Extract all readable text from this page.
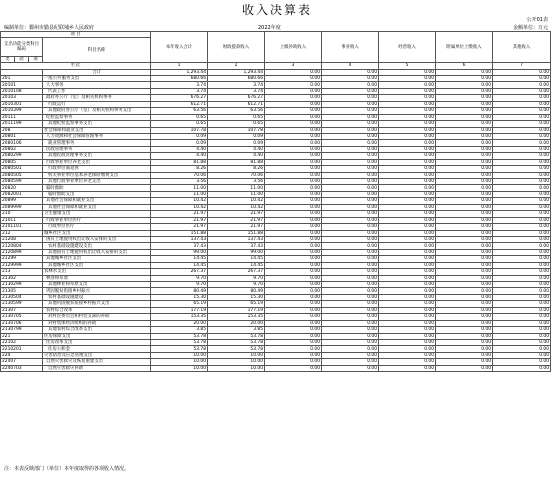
收入决算表
公开01表
编制单位：鄞州市勤县纪联埔乡人民政府	2022年度	金额单位：万元
项 目				本年收入合计	财政拨款收入	上级补助收入	事业收入	经营收入	附属单位上缴收入	其他收入
支出功能分类科目编码			科目名称							
类	款	项								
栏次				1	2	3	4	5	6	7
			合计	1,293.44	1,293.44	0.00	0.00	0.00	0.00	0.00
201			一般公共服务支出	680.66	680.66	0.00	0.00	0.00	0.00	0.00
20101			人大事务	3.74	3.74	0.00	0.00	0.00	0.00	0.00
2010108			代表工作	3.74	3.74	0.00	0.00	0.00	0.00	0.00
20103			政府办公厅（室）及相关机构事务	676.27	676.27	0.00	0.00	0.00	0.00	0.00
2010301			行政运行	612.71	612.71	0.00	0.00	0.00	0.00	0.00
2010399			其他政府办公厅（室）及相关机构事务支出	63.56	63.56	0.00	0.00	0.00	0.00	0.00
20111			纪检监察事务	0.65	0.65	0.00	0.00	0.00	0.00	0.00
2011199			其他纪检监察事务支出	0.65	0.65	0.00	0.00	0.00	0.00	0.00
208			社会保障和就业支出	107.78	107.78	0.00	0.00	0.00	0.00	0.00
20801			人力资源和社会保障管理事务	0.09	0.09	0.00	0.00	0.00	0.00	0.00
2080106			就业管理事务	0.09	0.09	0.00	0.00	0.00	0.00	0.00
20802			民政管理事务	4.40	4.40	0.00	0.00	0.00	0.00	0.00
2080299			其他民政管理事务支出	4.40	4.40	0.00	0.00	0.00	0.00	0.00
20805			行政事业单位养老支出	81.88	81.88	0.00	0.00	0.00	0.00	0.00
2080501			行政单位离退休	8.26	8.26	0.00	0.00	0.00	0.00	0.00
2080505			机关事业单位基本养老保险缴费支出	70.06	70.06	0.00	0.00	0.00	0.00	0.00
2080599			其他行政事业单位养老支出	3.56	3.56	0.00	0.00	0.00	0.00	0.00
20820			临时救助	11.00	11.00	0.00	0.00	0.00	0.00	0.00
2082001			临时救助支出	11.00	11.00	0.00	0.00	0.00	0.00	0.00
20899			其他社会保障和就业支出	10.42	10.42	0.00	0.00	0.00	0.00	0.00
2089999			其他社会保障和就业支出	10.42	10.42	0.00	0.00	0.00	0.00	0.00
210			卫生健康支出	21.97	21.97	0.00	0.00	0.00	0.00	0.00
21011			行政事业单位医疗	21.97	21.97	0.00	0.00	0.00	0.00	0.00
2101101			行政单位医疗	21.97	21.97	0.00	0.00	0.00	0.00	0.00
212			城乡社区支出	151.88	151.88	0.00	0.00	0.00	0.00	0.00
21208			国有土地使用权出让收入安排的支出	137.43	137.43	0.00	0.00	0.00	0.00	0.00
2120804			农村基础设施建设支出	37.43	37.43	0.00	0.00	0.00	0.00	0.00
2120899			其他国有土地使用权出让收入安排的支出	99.00	99.00	0.00	0.00	0.00	0.00	0.00
21299			其他城乡社区支出	14.45	14.45	0.00	0.00	0.00	0.00	0.00
2129999			其他城乡社区支出	14.45	14.45	0.00	0.00	0.00	0.00	0.00
213			农林水支出	267.37	267.37	0.00	0.00	0.00	0.00	0.00
21302			林业和草原	9.70	9.70	0.00	0.00	0.00	0.00	0.00
2130299			其他林业和草原支出	9.70	9.70	0.00	0.00	0.00	0.00	0.00
21305			巩固脱贫衔接乡村振兴	80.49	80.49	0.00	0.00	0.00	0.00	0.00
2130504			农村基础设施建设	15.30	15.30	0.00	0.00	0.00	0.00	0.00
2130599			其他巩固脱贫衔接乡村振兴支出	65.19	65.19	0.00	0.00	0.00	0.00	0.00
21307			农村综合改革	177.19	177.19	0.00	0.00	0.00	0.00	0.00
2130705			对村民委员会和村党支部的补助	153.35	153.35	0.00	0.00	0.00	0.00	0.00
2130706			对村集体经济组织的补助	20.00	20.00	0.00	0.00	0.00	0.00	0.00
2130799			其他农村综合改革支出	3.85	3.85	0.00	0.00	0.00	0.00	0.00
221			住房保障支出	53.78	53.78	0.00	0.00	0.00	0.00	0.00
22102			住房改革支出	53.78	53.78	0.00	0.00	0.00	0.00	0.00
2210201			住房公积金	53.78	53.78	0.00	0.00	0.00	0.00	0.00
224			灾害防治及应急管理支出	10.00	10.00	0.00	0.00	0.00	0.00	0.00
22407			自然灾害救灾及恢复重建支出	10.00	10.00	0.00	0.00	0.00	0.00	0.00
2240703			自然灾害救灾补助	10.00	10.00	0.00	0.00	0.00	0.00	0.00
注：本表反映部门（单位）本年度取得的各项收入情况。
